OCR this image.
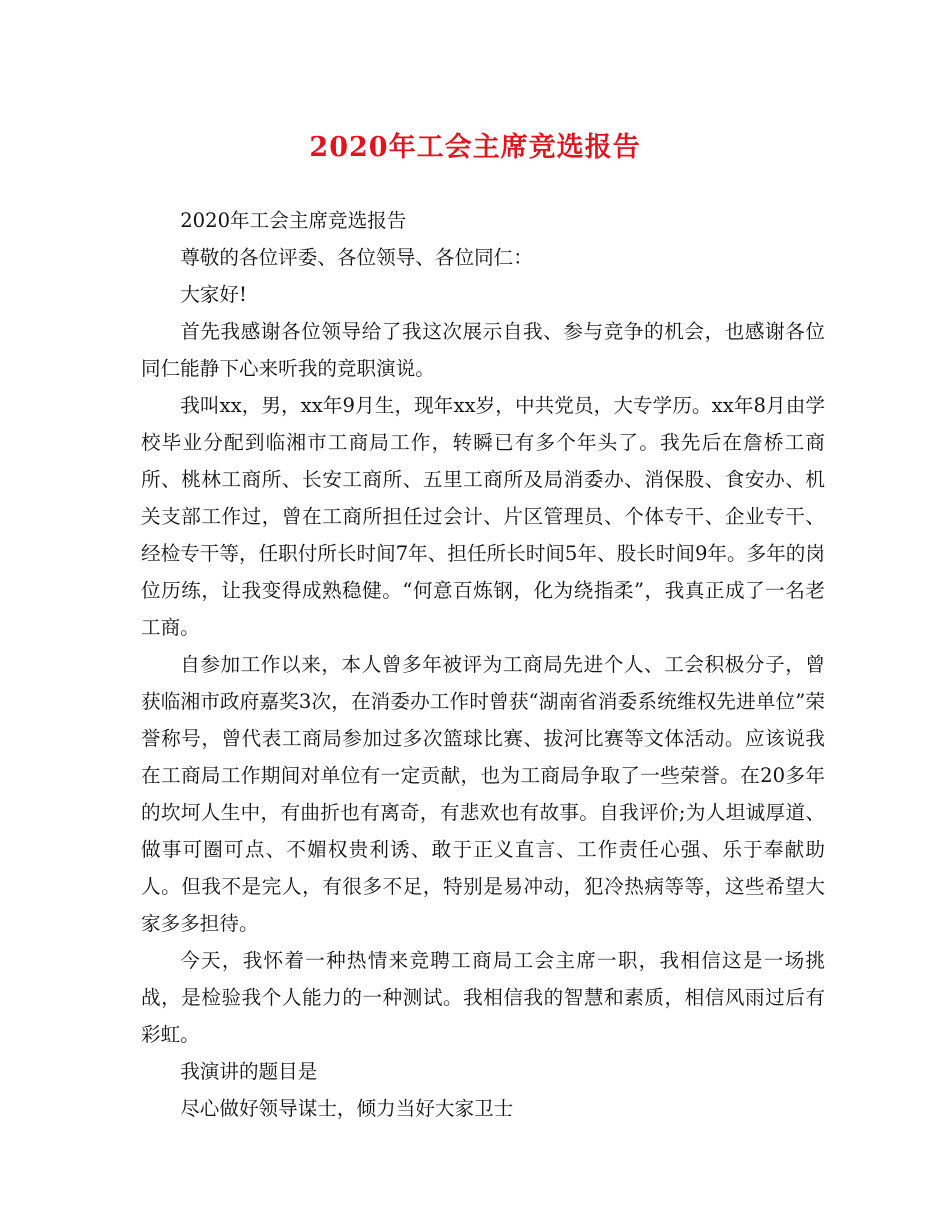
2020年工会主席竞选报告

2020年工会主席竞选报告

尊敬的各位评委、各位领导、各位同仁：

大家好!

首先我感谢各位领导给了我这次展示自我、参与竞争的机会，也感谢各位同仁能静下心来听我的竞职演说。

我叫xx，男，xx年9月生，现年xx岁，中共党员，大专学历。xx年8月由学校毕业分配到临湘市工商局工作，转瞬已有多个年头了。我先后在詹桥工商所、桃林工商所、长安工商所、五里工商所及局消委办、消保股、食安办、机关支部工作过，曾在工商所担任过会计、片区管理员、个体专干、企业专干、经检专干等，任职付所长时间7年、担任所长时间5年、股长时间9年。多年的岗位历练，让我变得成熟稳健。“何意百炼钢，化为绕指柔”，我真正成了一名老工商。

自参加工作以来，本人曾多年被评为工商局先进个人、工会积极分子，曾获临湘市政府嘉奖3次，在消委办工作时曾获“湖南省消委系统维权先进单位”荣誉称号，曾代表工商局参加过多次篮球比赛、拔河比赛等文体活动。应该说我在工商局工作期间对单位有一定贡献，也为工商局争取了一些荣誉。在20多年的坎坷人生中，有曲折也有离奇，有悲欢也有故事。自我评价;为人坦诚厚道、做事可圈可点、不媚权贵利诱、敢于正义直言、工作责任心强、乐于奉献助人。但我不是完人，有很多不足，特别是易冲动，犯冷热病等等，这些希望大家多多担待。

今天，我怀着一种热情来竞聘工商局工会主席一职，我相信这是一场挑战，是检验我个人能力的一种测试。我相信我的智慧和素质，相信风雨过后有彩虹。

我演讲的题目是

尽心做好领导谋士，倾力当好大家卫士
